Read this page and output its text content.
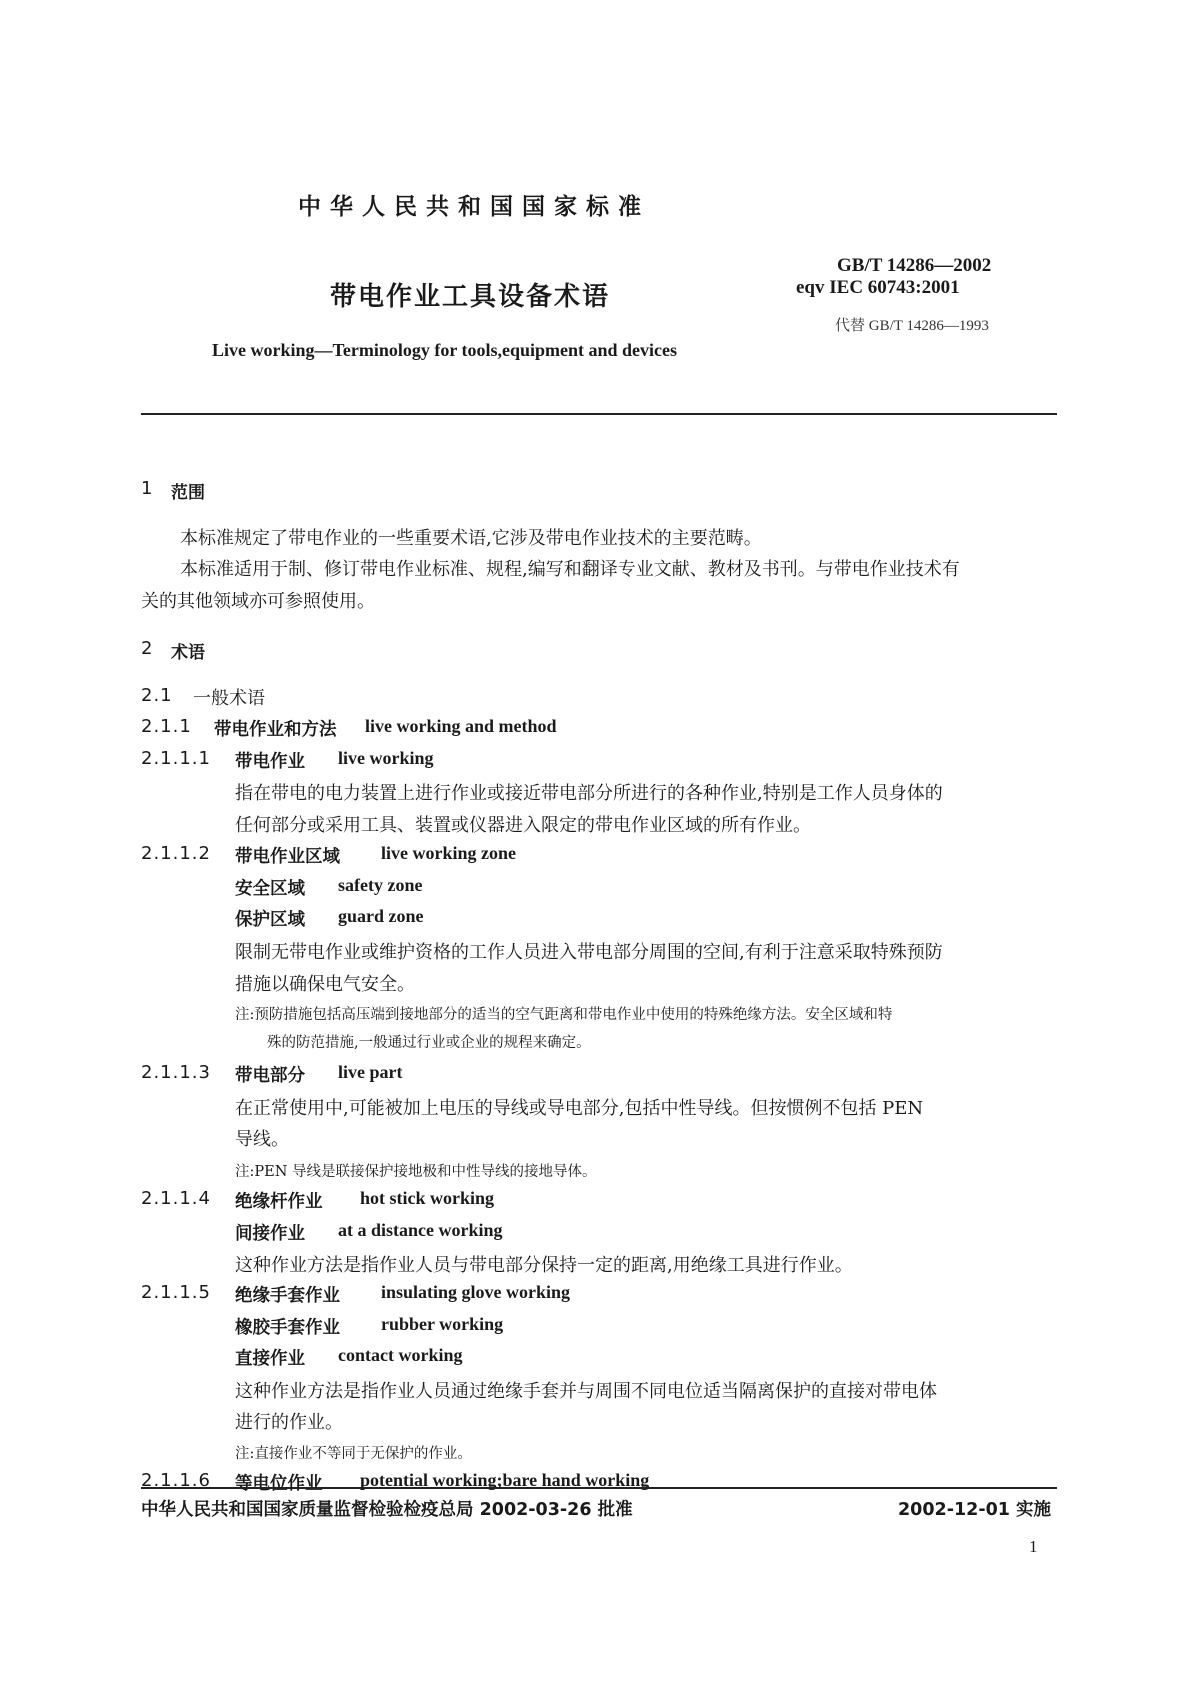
中华人民共和国国家标准
带电作业工具设备术语
Live working—Terminology for tools,equipment and devices
GB/T 14286—2002
eqv IEC 60743:2001
代替 GB/T 14286—1993
1 范围
本标准规定了带电作业的一些重要术语,它涉及带电作业技术的主要范畴。
本标准适用于制、修订带电作业标准、规程,编写和翻译专业文献、教材及书刊。与带电作业技术有
关的其他领域亦可参照使用。
2 术语
2.1 一般术语
2.1.1 带电作业和方法 live working and method
2.1.1.1 带电作业 live working
指在带电的电力装置上进行作业或接近带电部分所进行的各种作业,特别是工作人员身体的
任何部分或采用工具、装置或仪器进入限定的带电作业区域的所有作业。
2.1.1.2 带电作业区域 live working zone
安全区域 safety zone
保护区域 guard zone
限制无带电作业或维护资格的工作人员进入带电部分周围的空间,有利于注意采取特殊预防
措施以确保电气安全。
注:预防措施包括高压端到接地部分的适当的空气距离和带电作业中使用的特殊绝缘方法。安全区域和特
殊的防范措施,一般通过行业或企业的规程来确定。
2.1.1.3 带电部分 live part
在正常使用中,可能被加上电压的导线或导电部分,包括中性导线。但按惯例不包括 PEN
导线。
注:PEN 导线是联接保护接地极和中性导线的接地导体。
2.1.1.4 绝缘杆作业 hot stick working
间接作业 at a distance working
这种作业方法是指作业人员与带电部分保持一定的距离,用绝缘工具进行作业。
2.1.1.5 绝缘手套作业 insulating glove working
橡胶手套作业 rubber working
直接作业 contact working
这种作业方法是指作业人员通过绝缘手套并与周围不同电位适当隔离保护的直接对带电体
进行的作业。
注:直接作业不等同于无保护的作业。
2.1.1.6 等电位作业 potential working;bare hand working
中华人民共和国国家质量监督检验检疫总局 2002-03-26 批准	2002-12-01 实施
1
